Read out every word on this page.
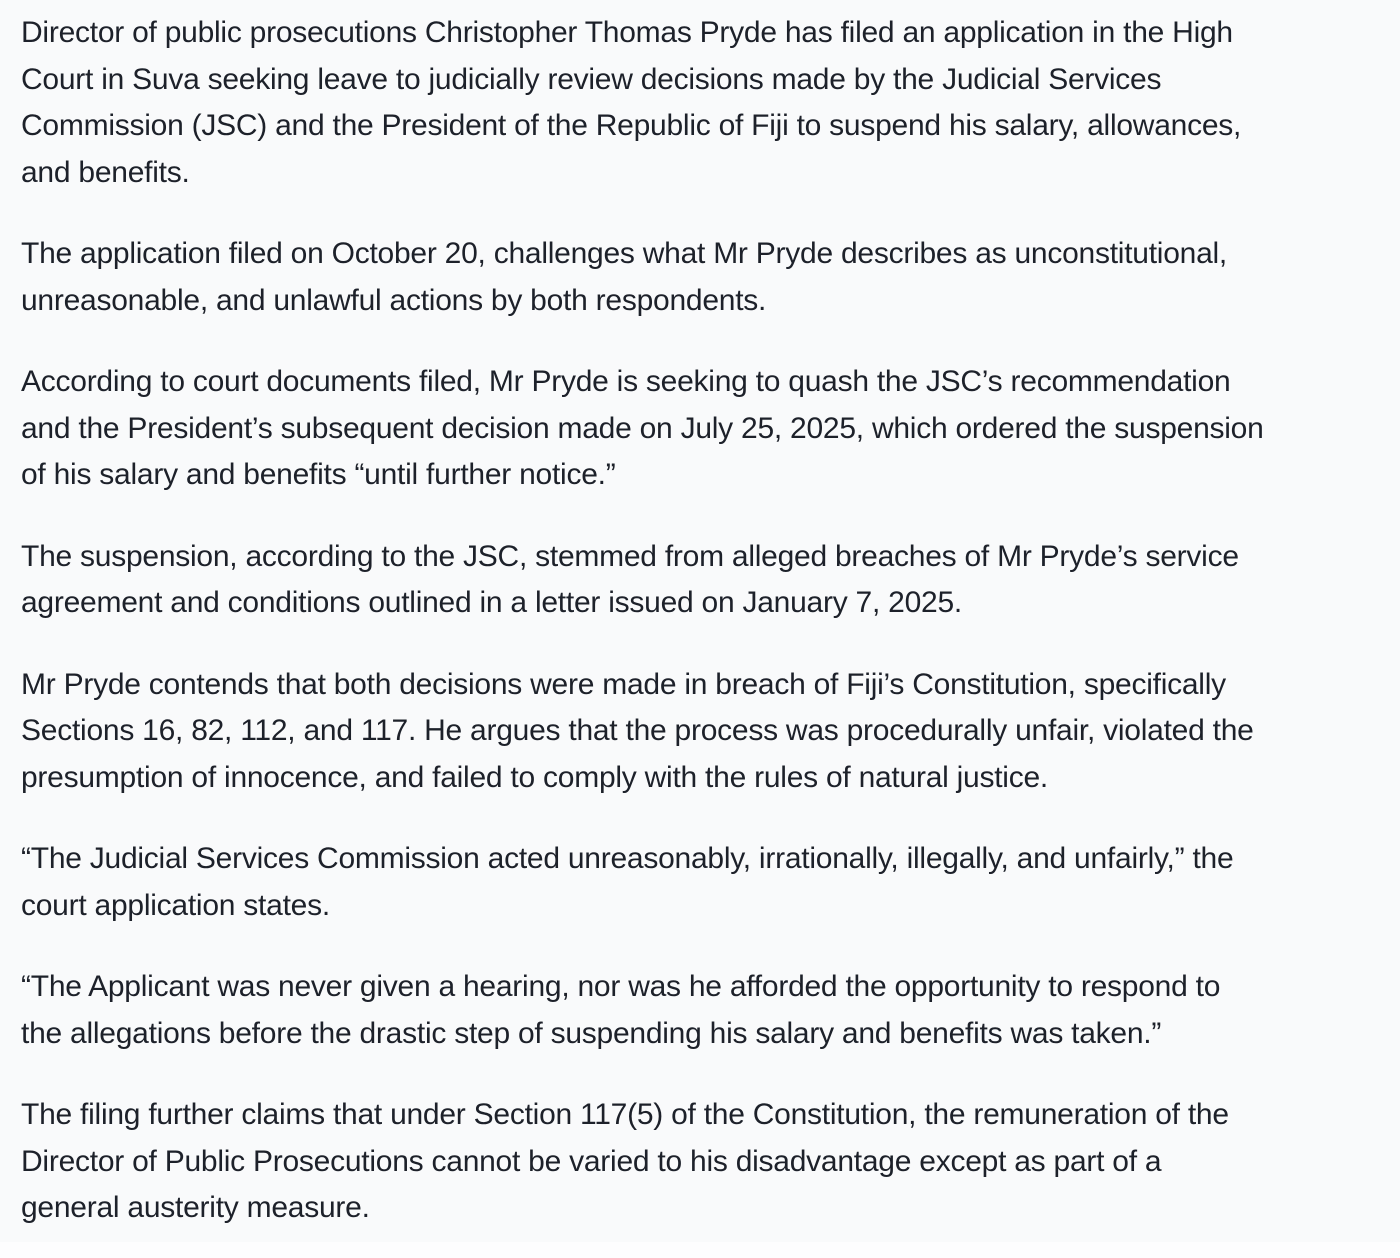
Director of public prosecutions Christopher Thomas Pryde has filed an application in the High
Court in Suva seeking leave to judicially review decisions made by the Judicial Services
Commission (JSC) and the President of the Republic of Fiji to suspend his salary, allowances,
and benefits.
The application filed on October 20, challenges what Mr Pryde describes as unconstitutional,
unreasonable, and unlawful actions by both respondents.
According to court documents filed, Mr Pryde is seeking to quash the JSC’s recommendation
and the President’s subsequent decision made on July 25, 2025, which ordered the suspension
of his salary and benefits “until further notice.”
The suspension, according to the JSC, stemmed from alleged breaches of Mr Pryde’s service
agreement and conditions outlined in a letter issued on January 7, 2025.
Mr Pryde contends that both decisions were made in breach of Fiji’s Constitution, specifically
Sections 16, 82, 112, and 117. He argues that the process was procedurally unfair, violated the
presumption of innocence, and failed to comply with the rules of natural justice.
“The Judicial Services Commission acted unreasonably, irrationally, illegally, and unfairly,” the
court application states.
“The Applicant was never given a hearing, nor was he afforded the opportunity to respond to
the allegations before the drastic step of suspending his salary and benefits was taken.”
The filing further claims that under Section 117(5) of the Constitution, the remuneration of the
Director of Public Prosecutions cannot be varied to his disadvantage except as part of a
general austerity measure.
